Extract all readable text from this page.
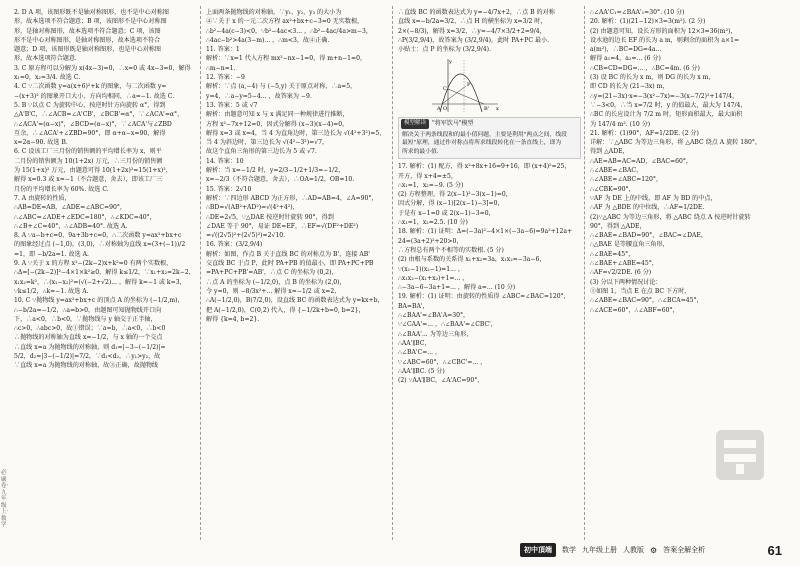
必刷卷·九年级上·数学
2. D A 项，该图形既不是轴对称图形，也不是中心对称图
形，故本选项不符合题意；B 项，该图形不是中心对称图
形，是轴对称图形，故本选项不符合题意；C 项，该图
形不是中心对称图形，是轴对称图形，故本选项不符合
题意；D 项，该图形既是轴对称图形，也是中心对称图
形，故本选项符合题意.
3. C 原方程可以分解为 x(4x−3)=0，∴x=0 或 4x−3=0，解得
x₁=0，x₂=3/4. 故选 C.
4. C ∵二次函数 y=a(x+6)²+k 的图象，与二次函数 y=
−(x+3)² 的图象开口大小、方向均相同，∴a=−1. 故选 C.
5. B ∵以点 C 为旋转中心，按逆时针方向旋转 α°，得到
△A'B'C，∴∠ACB=∠A'CB'，∠BCB'=α°，∵∠ACA'=α°，
∴∠ACA'=(α−x)°，∠BCD=(α−x)°，∵∠ACA'与∠ZBD
互余，∴∠ACA'+∠ZBD=90°，即 α+α−x=90，解得
x=2α−90. 故选 B.
6. C 设该工厂三月份的销售额的平均增长率为 x，则平
二月份的销售额为 10(1+2x) 万元，∴三月份的销售额
为 15(1+x)² 万元，由题意可得 10(1+2x)²=15(1+x)²，
解得 x=0.3 或 x=−1（不合题意，舍去），即该工厂三
月份的平均增长率为 60%. 故选 C.
7. A 由旋转的性质，
∴AB=DE=AB，∠ADE=∠ABC=90°，
∴∠ABC=∠ADE+∠EDC=180°，∴∠KDC=40°，
∴∠B+∠C=40°，∴∠ADB=40°. 故选 A.
8. A ∵a−b+c=0，9a+3b+c=0，∴二次函数 y=ax²+bx+c
的图象经过点 (−1,0)，(3,0)，∴对称轴为直线 x=(3+(−1))/2
=1，即 −b/2a=1. 故选 A.
9. A ∵关于 x 的方程 x²−(2k−2)x+k²=0 有两个实数根，
∴Δ=[−(2k−2)]²−4×1×k²≥0，解得 k≤1/2，∵x₁+x₂=2k−2，
x₁x₂=k²，∴(x₁−x₂)²=(√(−2+√2)... ，解得 k=−1 或 k=3，
∵k≤1/2，∴k=−1. 故选 A.
10. C ∵抛物线 y=ax²+bx+c 的顶点 A 的坐标为 (−1/2,m)，
∴−b/2a=−1/2，∴a=b>0，由题图可知抛物线开口向
下，∴a<0，∴b<0，∵抛物线与 y 轴交于正半轴，
∴c>0，∴abc>0，故①错误；∵a=b，∴a<0，∴b<0
∴抛物线的对称轴为直线 x=−1/2，与 x 轴的一个交点
∴直线 x=a 为抛物线的对称轴，则 d₁=|−3−(−1/2)|=
5/2，d₂=|3−(−1/2)|=7/2，∵d₁<d₂，∴y₁>y₂，故
∵直线 x=a 为抛物线的对称轴，故③正确，故抛物线
上面两条抛物线的对称轴，∵y₁，y₂，y₃ 的大小为
④∵关于 x 的一元二次方程 ax²+bx+c−3=0 无实数根，
∴b²−4a(c−3)<0，∵b²−4ac<3... ，∴b²−4ac/4a>m−3，
∴4ac−b²>4a(3−m)... ，∴m<3，故④正确.
11. 答案：1
解析：∵x=1 代入方程 mx²−nx−1=0，得 m+n−1=0，
∴m−n=1.
12. 答案：−9
解析：∵点 (a,−4) 与 (−5,y) 关于原点对称，∴a=5，
y=4，∴a−y=5−4... ，故答案为 −9.
13. 答案：5 或 √7
解析：由题意可知 x 与 x 满足同一种规律进行推断，
方程 x²−7x+12=0，因式分解得 (x−3)(x−4)=0，
解得 x=3 或 x=4，当 4 为直角边时，第三边长为 √(4²+3²)=5，
当 4 为斜边时，第三边长为 √(4²−3²)=√7，
故这个直角三角形的第三边长为 5 或 √7.
14. 答案：10
解析：当 x=−1/2 时，y=2/3−1/2+1/3=−1/2，
x=−2/3（不符合题意，舍去），∴OA=1/2，OB=10.
15. 答案：2√10
解析：∵四边形 ABCD 为正方形，∴AD=AB=4，∠A=90°，
∴BD=√(AB²+AD²)=√(4²+4²)，
∴DE=2√5，∵△DAE 按逆时针旋转 90°，得到
∠DAE 等于 90°，易证 DE=EF，∴EF=√(DF²+DE²)
=√((2√5)²+(2√5)²)=2√10.
16. 答案：(3/2,9/4)
解析：如图，作点 B 关于直线 BC 的对称点为 B'，连接 AB'
交直线 BC 于点 P，此时 PA+PB 的值最小，即 PA+PC+PB
=PA+PC+PB'=AB'，∴点 C 的坐标为 (0,2)，
∴点 A 的坐标为 (−1/2,0)，点 B 的坐标为 (2,0)，
令 y=0，则 −8/3x²+... 解得 x=−1/2 或 x=2，
∴A(−1/2,0)，B(7/2,0)，设直线 BC 的函数表达式为 y=kx+b，
把 A(−1/2,0)，C(0,2) 代入，得 {−1/2k+b=0, b=2}，
解得 {k=4, b=2}.
∴直线 BC 的函数表达式为 y=−4/7x+2，∴点 B 的对称
直线 x=−b/2a=3/2，∴点 H 的横坐标为 x=3/2 时，
2×(−8/3)，解得 x=3/2，∴y=−4/7×3/2+2=9/4，
∴P(3/2,9/4)，故答案为 (3/2,9/4)，此时 PA+PC 最小.
小贴士：点 P 的坐标为 (3/2,9/4).
y
x
O
A
C
P
B'
模型解读	"将军饮马"模型
解决关于两条线段和的最小值问题，主要是利用"两点之间，线段
最短"原理，通过作对称点将所求线段转化在一条直线上，即为
所求的最小值.
17. 解析：(1) 配方，得 x²+8x+16=9+16，即 (x+4)²=25，
开方，得 x+4=±5，
∴x₁=1，x₂=−9. (5 分)
(2) 方程整理，得 2(x−1)²−3(x−1)=0，
因式分解，得 (x−1)[2(x−1)−3]=0，
于是有 x−1=0 或 2(x−1)−3=0，
∴x₁=1，x₂=2.5. (10 分)
18. 解析：(1) 证明：Δ=(−3a)²−4×1×(−3a−6)=9a²+12a+
24=(3a+2)²+20>0，
∴方程总有两个不相等的实数根. (5 分)
(2) 由根与系数的关系得 x₁+x₂=3a，x₁x₂=−3a−6，
∵(x₁−1)(x₂−1)=1... ，
∴x₁x₂−(x₁+x₂)+1=... ，
∴−3a−6−3a+1=... ，解得 a=... (10 分)
19. 解析：(1) 证明：由旋转的性质得 ∠ABC=∠BAC=120°，
BA=BA'，
∴∠BAA'=∠BA'A=30°，
∵∠CAA'=... ，∴∠BAA'=∠CBC'，
∴∠BAA'... 为等边三角形，
∴AA'∥BC，
∴∠BA'C=... ，
∵∠ABC=60°，∴∠CBC'=... ，
∴AA'∥BC. (5 分)
(2) ∵AA'∥BC，∠A'AC=90°，
∴∠AA'C₁=∠BAA'₁=30°. (10 分)
20. 解析：(1)(21−12)×3=3(m²). (2 分)
(2) 由题意可知，设长方形的面积为 12×3=36(m²)，
设水池的边长 EF 的长为 a m，则剩余的面积为 a×1=
a(m²)，∴BC=DG=4a...
解得 a₁=4，a₂=... (6 分)
∴CB=CD=DG=... ，∴BC=4m. (6 分)
(3) 设 BC 的长为 x m，则 DG 的长为 x m，
即 CD 的长为 (21−3x) m，
∴y=(21−3x)·x=−3(x²−7x)=−3(x−7/2)²+147/4，
∵−3<0，∴当 x=7/2 时，y 的值最大，最大为 147/4，
∴BC 的长应设计为 7/2 m 时，矩形面积最大，最大面积
为 147/4 m². (10 分)
21. 解析：(1)90°，AF=1/2DE. (2 分)
详解：∵△ABC 为等边三角形，将 △ABC 绕点 A 旋转 180°，
得到 △ADE，
∴AE=AB=AC=AD，∠BAC=60°，
∴∠ABE=∠BAC，
∴∠ABE=∠ABC=120°，
∴∠CBK=90°，
∵AF 为 DE 上的中线，即 AF 为 BD 的中点，
∴AF 为 △BDE 的中位线，∴AF=1/2DE.
(2)∵△ABC 为等边三角形，将 △ABC 绕点 A 按逆时针旋转
90°，得到 △ADE，
∴∠BAE=∠BAD=90°，∠BAC=∠DAE，
∴△BAE 是等腰直角三角形，
∴∠BAE=45°，
∴∠BAE+∠ABE=45°，
∴AF=√2/2DE. (6 分)
(3) 分以下两种情况讨论：
①如图 1，当点 E 在点 BC 下方时，
∴∠ABE=∠BAC=90°，∴∠BCA=45°，
∴∠ACE=60°，∴∠ABF=60°，
初中頂端	数学 九年级上册 人教版 ⚙ 答案全解全析	61
